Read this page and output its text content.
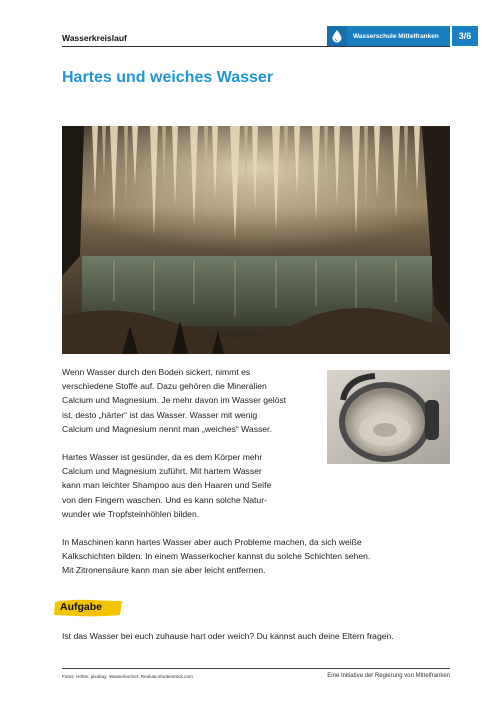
Wasserkreislauf	Wasserschule Mittelfranken	3/6
Hartes und weiches Wasser
Wenn Wasser durch den Boden sickert, nimmt es
verschiedene Stoffe auf. Dazu gehören die Mineralien
Calcium und Magnesium. Je mehr davon im Wasser gelöst
ist, desto „härter“ ist das Wasser. Wasser mit wenig
Calcium und Magnesium nennt man „weiches“ Wasser.
Hartes Wasser ist gesünder, da es dem Körper mehr
Calcium und Magnesium zuführt. Mit hartem Wasser
kann man leichter Shampoo aus den Haaren und Seife
von den Fingern waschen. Und es kann solche Natur-
wunder wie Tropfsteinhöhlen bilden.
In Maschinen kann hartes Wasser aber auch Probleme machen, da sich weiße
Kalkschichten bilden. In einem Wasserkocher kannst du solche Schichten sehen.
Mit Zitronensäure kann man sie aber leicht entfernen.
Aufgabe
Ist das Wasser bei euch zuhause hart oder weich? Du kannst auch deine Eltern fragen.
Fotos: Höhle: pixabay; Wasserkocher: Realuta-shutterstock.com	Eine Initiative der Regierung von Mittelfranken
